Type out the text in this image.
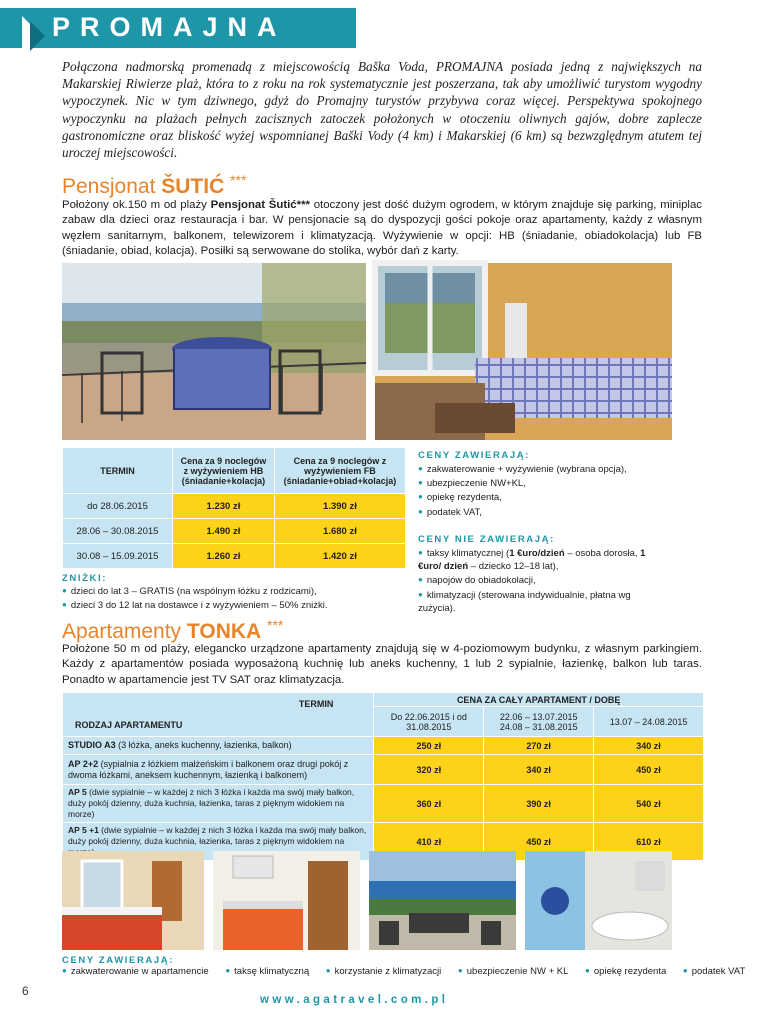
PROMAJNA
Połączona nadmorską promenadą z miejscowością Baška Voda, PROMAJNA posiada jedną z największych na Makarskiej Riwierze plaż, która to z roku na rok systematycznie jest poszerzana, tak aby umożliwić turystom wygodny wypoczynek. Nic w tym dziwnego, gdyż do Promajny turystów przybywa coraz więcej. Perspektywa spokojnego wypoczynku na plażach pełnych zacisznych zatoczek położonych w otoczeniu oliwnych gajów, dobre zaplecze gastronomiczne oraz bliskość wyżej wspomnianej Baški Vody (4 km) i Makarskiej (6 km) są bezwzględnym atutem tej uroczej miejscowości.
Pensjonat ŠUTIĆ ***
Położony ok.150 m od plaży Pensjonat Šutić*** otoczony jest dość dużym ogrodem, w którym znajduje się parking, miniplac zabaw dla dzieci oraz restauracja i bar. W pensjonacie są do dyspozycji gości pokoje oraz apartamenty, każdy z własnym węzłem sanitarnym, balkonem, telewizorem i klimatyzacją. Wyżywienie w opcji: HB (śniadanie, obiadokolacja) lub FB (śniadanie, obiad, kolacja). Posiłki są serwowane do stolika, wybór dań z karty.
TERMIN	Cena za 9 noclegów z wyżywieniem HB (śniadanie+kolacja)	Cena za 9 noclegów z wyżywieniem FB (śniadanie+obiad+kolacja)
do 28.06.2015	1.230 zł	1.390 zł
28.06 – 30.08.2015	1.490 zł	1.680 zł
30.08 – 15.09.2015	1.260 zł	1.420 zł
ZNIŻKI:
● dzieci do lat 3 – GRATIS (na wspólnym łóżku z rodzicami),
● dzieci 3 do 12 lat na dostawce i z wyżywieniem – 50% zniżki.
CENY ZAWIERAJĄ:
● zakwaterowanie + wyżywienie (wybrana opcja),
● ubezpieczenie NW+KL,
● opiekę rezydenta,
● podatek VAT,
CENY NIE ZAWIERAJĄ:
● taksy klimatycznej (1 €uro/dzień – osoba dorosła, 1 €uro/ dzień – dziecko 12–18 lat),
● napojów do obiadokolacji,
● klimatyzacji (sterowana indywidualnie, płatna wg zużycia).
Apartamenty TONKA ***
Położone 50 m od plaży, elegancko urządzone apartamenty znajdują się w 4-poziomowym budynku, z własnym parkingiem. Każdy z apartamentów posiada wyposażoną kuchnię lub aneks kuchenny, 1 lub 2 sypialnie, łazienkę, balkon lub taras. Ponadto w apartamencie jest TV SAT oraz klimatyzacja.
TERMIN
RODZAJ APARTAMENTU	CENA ZA CAŁY APARTAMENT / DOBĘ		
	Do 22.06.2015 i od 31.08.2015	22.06 – 13.07.2015 24.08 – 31.08.2015	13.07 – 24.08.2015
STUDIO A3 (3 łóżka, aneks kuchenny, łazienka, balkon)	250 zł	270 zł	340 zł
AP 2+2 (sypialnia z łóżkiem małżeńskim i balkonem oraz drugi pokój z dwoma łóżkami, aneksem kuchennym, łazienką i balkonem)	320 zł	340 zł	450 zł
AP 5 (dwie sypialnie – w każdej z nich 3 łóżka i każda ma swój mały balkon, duży pokój dzienny, duża kuchnia, łazienka, taras z pięknym widokiem na morze)	360 zł	390 zł	540 zł
AP 5 +1 (dwie sypialnie – w każdej z nich 3 łóżka i każda ma swój mały balkon, duży pokój dzienny, duża kuchnia, łazienka, taras z pięknym widokiem na	410 zł	450 zł	610 zł
CENY ZAWIERAJĄ:
● zakwaterowanie w apartamencie	● taksę klimatyczną	● korzystanie z klimatyzacji	● ubezpieczenie NW + KL	● opiekę rezydenta	● podatek VAT
6
www.agatravel.com.pl
